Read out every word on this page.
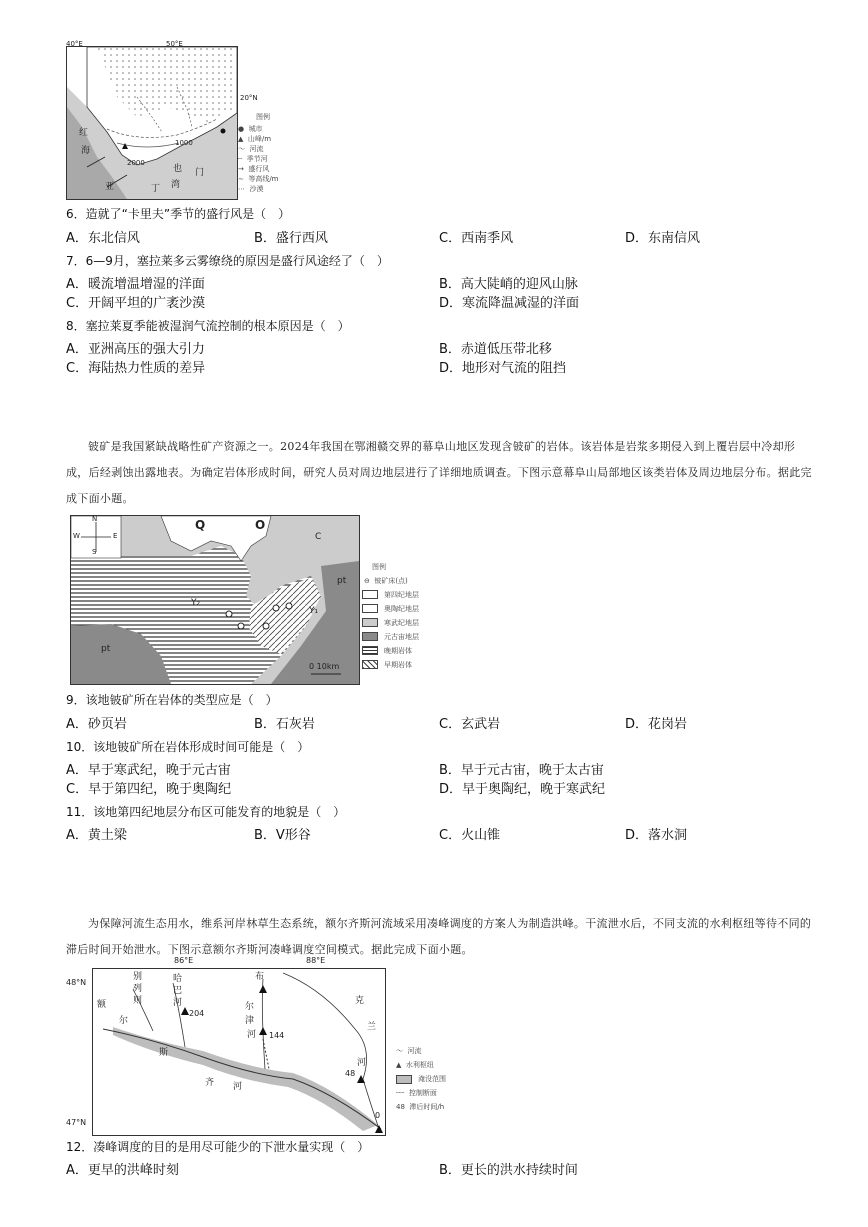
红
海
亚	丁 湾
也 门
2000
1000
40°E	50°E
20°N
图例
●  城市
▲  山峰/m
～  河流
┄  季节河
→  盛行风
∼  等高线/m
⋯  沙漠
6．造就了“卡里夫”季节的盛行风是（　）
A．东北信风	B．盛行西风	C．西南季风	D．东南信风
7．6—9月，塞拉莱多云雾缭绕的原因是盛行风途经了（　）
A．暖流增温增湿的洋面	B．高大陡峭的迎风山脉
C．开阔平坦的广袤沙漠	D．寒流降温减湿的洋面
8．塞拉莱夏季能被湿润气流控制的根本原因是（　）
A．亚洲高压的强大引力	B．赤道低压带北移
C．海陆热力性质的差异	D．地形对气流的阻挡
铍矿是我国紧缺战略性矿产资源之一。2024年我国在鄂湘赣交界的幕阜山地区发现含铍矿的岩体。该岩体是岩浆多期侵入到上覆岩层中冷却形成，后经剥蚀出露地表。为确定岩体形成时间，研究人员对周边地层进行了详细地质调查。下图示意幕阜山局部地区该类岩体及周边地层分布。据此完成下面小题。
Q	O
C
pt
pt
Y₂
Y₁
N
S
W	E
0 10km
图例
⊖  铍矿床(点)
第四纪地层
奥陶纪地层
寒武纪地层
元古宙地层
晚期岩体
早期岩体
9．该地铍矿所在岩体的类型应是（　）
A．砂页岩	B．石灰岩	C．玄武岩	D．花岗岩
10．该地铍矿所在岩体形成时间可能是（　）
A．早于寒武纪，晚于元古宙	B．早于元古宙，晚于太古宙
C．早于第四纪，晚于奥陶纪	D．早于奥陶纪，晚于寒武纪
11．该地第四纪地层分布区可能发育的地貌是（　）
A．黄土梁	B．V形谷	C．火山锥	D．落水洞
为保障河流生态用水，维系河岸林草生态系统，额尔齐斯河流域采用凑峰调度的方案人为制造洪峰。干流泄水后，不同支流的水利枢纽等待不同的滞后时间开始泄水。下图示意额尔齐斯河凑峰调度空间模式。据此完成下面小题。
86°E	88°E
48°N
47°N
额
尔
齐
斯
河
布
尔
津
河
哈
巴
河	克
兰
河
别
列
则
204
144
48
0
～  河流
▲  水利枢纽
淹没范围
┄┄  控制断面
48 滞后时间/h
12．凑峰调度的目的是用尽可能少的下泄水量实现（　）
A．更早的洪峰时刻	B．更长的洪水持续时间
